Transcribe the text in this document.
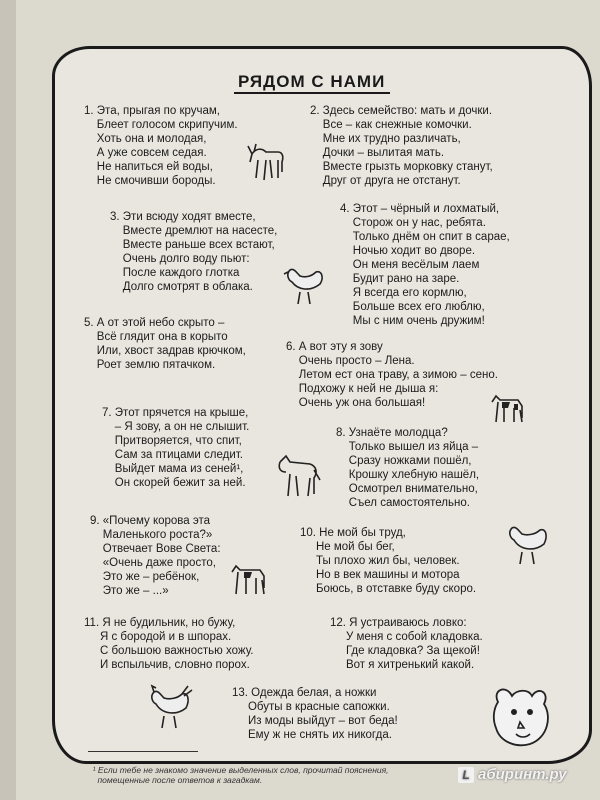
РЯДОМ С НАМИ
1. Эта, прыгая по кручам,
Блеет голосом скрипучим.
Хоть она и молодая,
А уже совсем седая.
Не напиться ей воды,
Не смочивши бороды.
2. Здесь семейство: мать и дочки.
Все – как снежные комочки.
Мне их трудно различать,
Дочки – вылитая мать.
Вместе грызть морковку станут,
Друг от друга не отстанут.
3. Эти всюду ходят вместе,
Вместе дремлют на насесте,
Вместе раньше всех встают,
Очень долго воду пьют:
После каждого глотка
Долго смотрят в облака.
4. Этот – чёрный и лохматый,
Сторож он у нас, ребята.
Только днём он спит в сарае,
Ночью ходит во дворе.
Он меня весёлым лаем
Будит рано на заре.
Я всегда его кормлю,
Больше всех его люблю,
Мы с ним очень дружим!
5. А от этой небо скрыто –
Всё глядит она в корыто
Или, хвост задрав крючком,
Роет землю пятачком.
6. А вот эту я зову
Очень просто – Лена.
Летом ест она траву, а зимою – сено.
Подхожу к ней не дыша я:
Очень уж она большая!
7. Этот прячется на крыше,
– Я зову, а он не слышит.
Притворяется, что спит,
Сам за птицами следит.
Выйдет мама из сеней¹,
Он скорей бежит за ней.
8. Узнаёте молодца?
Только вышел из яйца –
Сразу ножками пошёл,
Крошку хлебную нашёл,
Осмотрел внимательно,
Съел самостоятельно.
9. «Почему корова эта
Маленького роста?»
Отвечает Вове Света:
«Очень даже просто,
Это же – ребёнок,
Это же – ...»
10. Не мой бы труд,
Не мой бы бег,
Ты плохо жил бы, человек.
Но в век машины и мотора
Боюсь, в отставке буду скоро.
11. Я не будильник, но бужу,
Я с бородой и в шпорах.
С большою важностью хожу.
И вспыльчив, словно порох.
12. Я устраиваюсь ловко:
У меня с собой кладовка.
Где кладовка? За щекой!
Вот я хитренький какой.
13. Одежда белая, а ножки
Обуты в красные сапожки.
Из моды выйдут – вот беда!
Ему ж не снять их никогда.

¹ Если тебе не знакомо значение выделенных слов, прочитай пояснения,
помещенные после ответов к загадкам.	L абиринт.ру
